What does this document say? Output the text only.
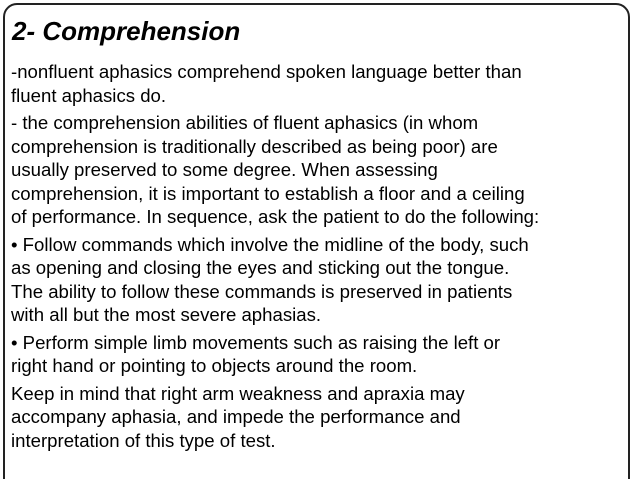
2- Comprehension

-nonfluent aphasics comprehend spoken language better than
fluent aphasics do.

- the comprehension abilities of fluent aphasics (in whom
comprehension is traditionally described as being poor) are
usually preserved to some degree. When assessing
comprehension, it is important to establish a floor and a ceiling
of performance. In sequence, ask the patient to do the following:

• Follow commands which involve the midline of the body, such
as opening and closing the eyes and sticking out the tongue.
The ability to follow these commands is preserved in patients
with all but the most severe aphasias.

• Perform simple limb movements such as raising the left or
right hand or pointing to objects around the room.

Keep in mind that right arm weakness and apraxia may
accompany aphasia, and impede the performance and
interpretation of this type of test.
